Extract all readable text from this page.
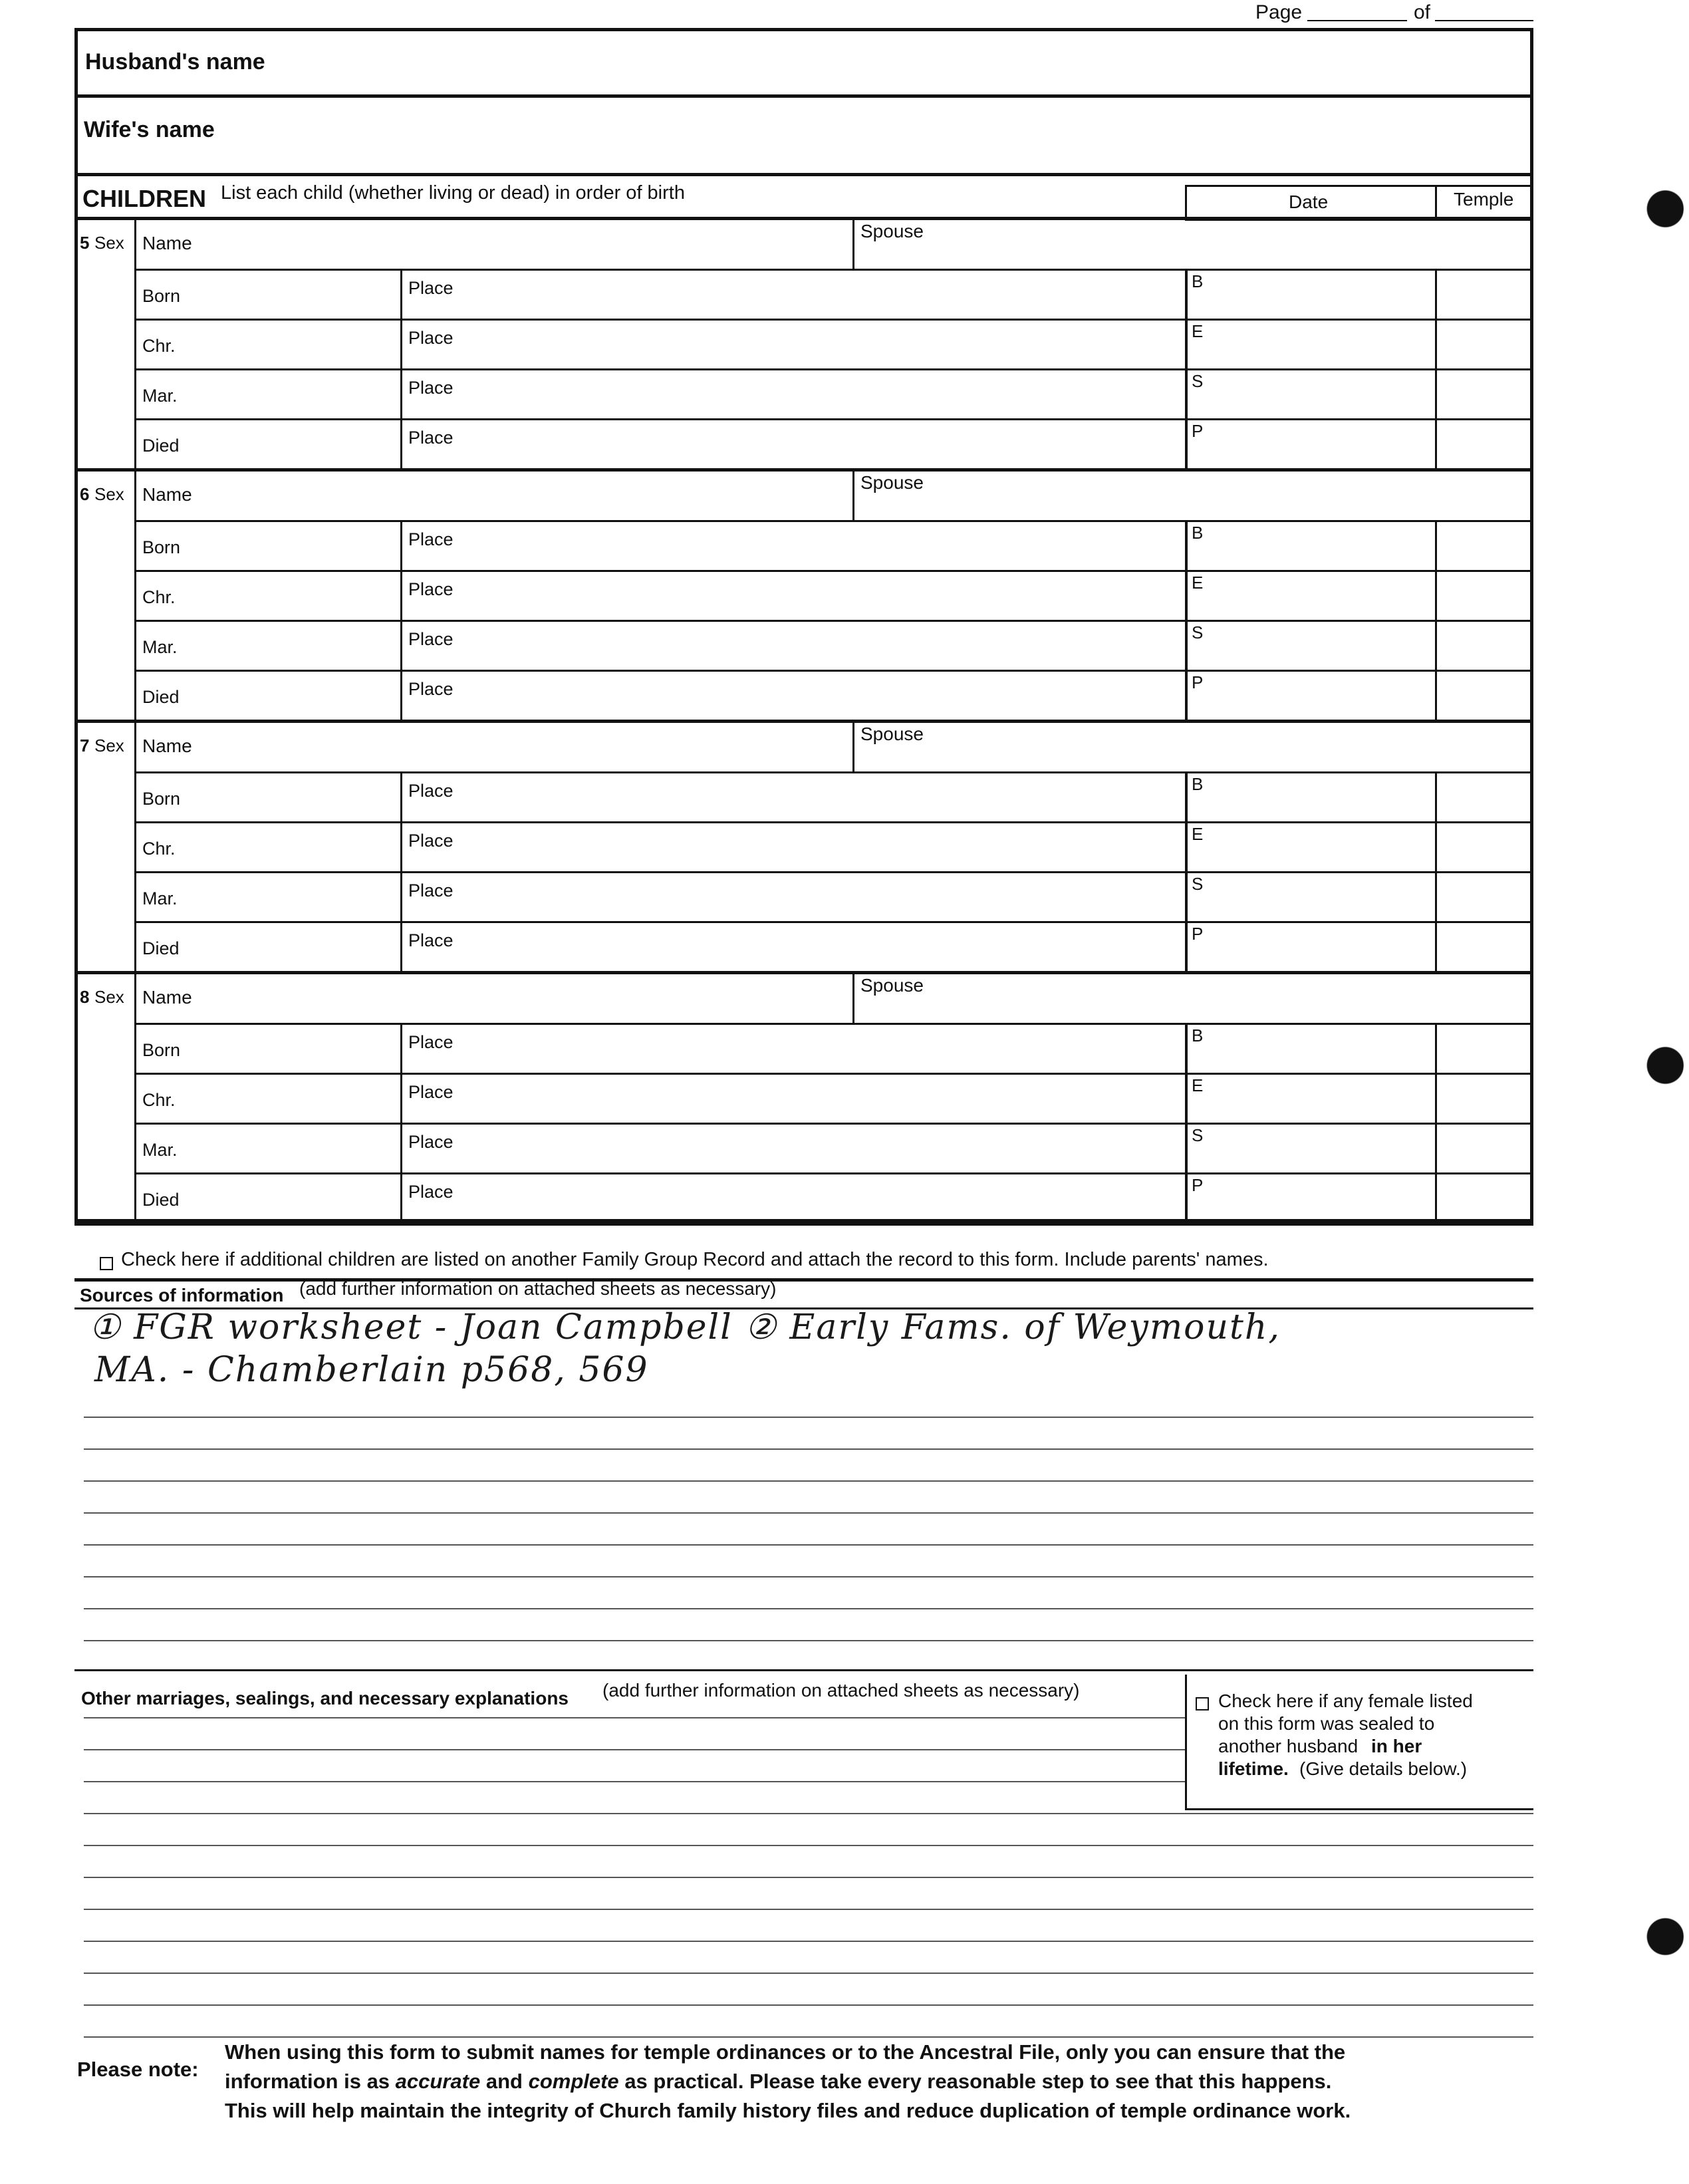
Page	of
Husband's name
Wife's name
CHILDREN List each child (whether living or dead) in order of birth	Date	Temple
5 Sex Name
Spouse
Born	Place	B
Chr.	Place	E
Mar.	Place	S
Died	Place	P
6 Sex Name
Spouse
Born	Place	B
Chr.	Place	E
Mar.	Place	S
Died	Place	P
7 Sex Name
Spouse
Born	Place	B
Chr.	Place	E
Mar.	Place	S
Died	Place	P
8 Sex Name
Spouse
Born	Place	B
Chr.	Place	E
Mar.	Place	S
Died	Place	P
Check here if additional children are listed on another Family Group Record and attach the record to this form. Include parents' names.
Sources of information (add further information on attached sheets as necessary)
① FGR worksheet - Joan Campbell ② Early Fams. of Weymouth,
MA. - Chamberlain p568, 569
Other marriages, sealings, and necessary explanations (add further information on attached sheets as necessary)
Check here if any female listed
on this form was sealed to
another husband in her
lifetime. (Give details below.)
Please note:
When using this form to submit names for temple ordinances or to the Ancestral File, only you can ensure that the
information is as accurate and complete as practical. Please take every reasonable step to see that this happens.
This will help maintain the integrity of Church family history files and reduce duplication of temple ordinance work.
